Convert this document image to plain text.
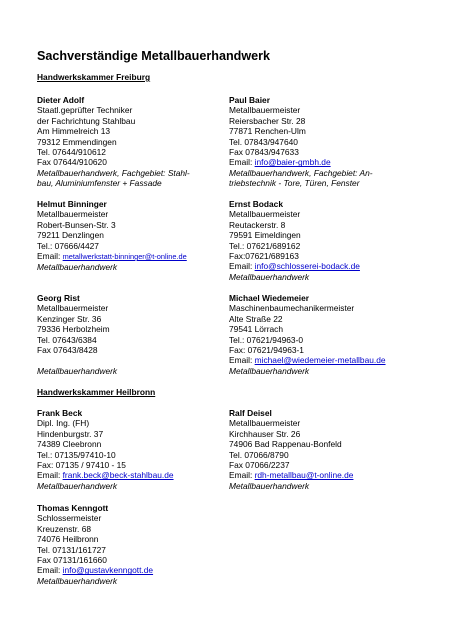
Sachverständige Metallbauerhandwerk
Handwerkskammer Freiburg
Dieter Adolf
Staatl.geprüfter Techniker
der Fachrichtung Stahlbau
Am Himmelreich 13
79312 Emmendingen
Tel. 07644/910612
Fax 07644/910620
Metallbauerhandwerk, Fachgebiet: Stahl-
bau, Aluminiumfenster + Fassade
Paul Baier
Metallbauermeister
Reiersbacher Str. 28
77871 Renchen-Ulm
Tel. 07843/947640
Fax 07843/947633
Email: info@baier-gmbh.de
Metallbauerhandwerk, Fachgebiet: An-
triebstechnik - Tore, Türen, Fenster
Helmut Binninger
Metallbauermeister
Robert-Bunsen-Str. 3
79211 Denzlingen
Tel.: 07666/4427
Email: metallwerkstatt-binninger@t-online.de
Metallbauerhandwerk
Ernst Bodack
Metallbauermeister
Reutackerstr. 8
79591 Eimeldingen
Tel.: 07621/689162
Fax:07621/689163
Email: info@schlosserei-bodack.de
Metallbauerhandwerk
Georg Rist
Metallbauermeister
Kenzinger Str. 36
79336 Herbolzheim
Tel. 07643/6384
Fax 07643/8428
Metallbauerhandwerk
Michael Wiedemeier
Maschinenbaumechanikermeister
Alte Straße 22
79541 Lörrach
Tel.: 07621/94963-0
Fax: 07621/94963-1
Email: michael@wiedemeier-metallbau.de
Metallbauerhandwerk
Handwerkskammer Heilbronn
Frank Beck
Dipl. Ing. (FH)
Hindenburgstr. 37
74389 Cleebronn
Tel.: 07135/97410-10
Fax: 07135 / 97410 - 15
Email: frank.beck@beck-stahlbau.de
Metallbauerhandwerk
Ralf Deisel
Metallbauermeister
Kirchhauser Str. 26
74906 Bad Rappenau-Bonfeld
Tel. 07066/8790
Fax 07066/2237
Email: rdh-metallbau@t-online.de
Metallbauerhandwerk
Thomas Kenngott
Schlossermeister
Kreuzenstr. 68
74076 Heilbronn
Tel. 07131/161727
Fax 07131/161660
Email: info@gustavkenngott.de
Metallbauerhandwerk
